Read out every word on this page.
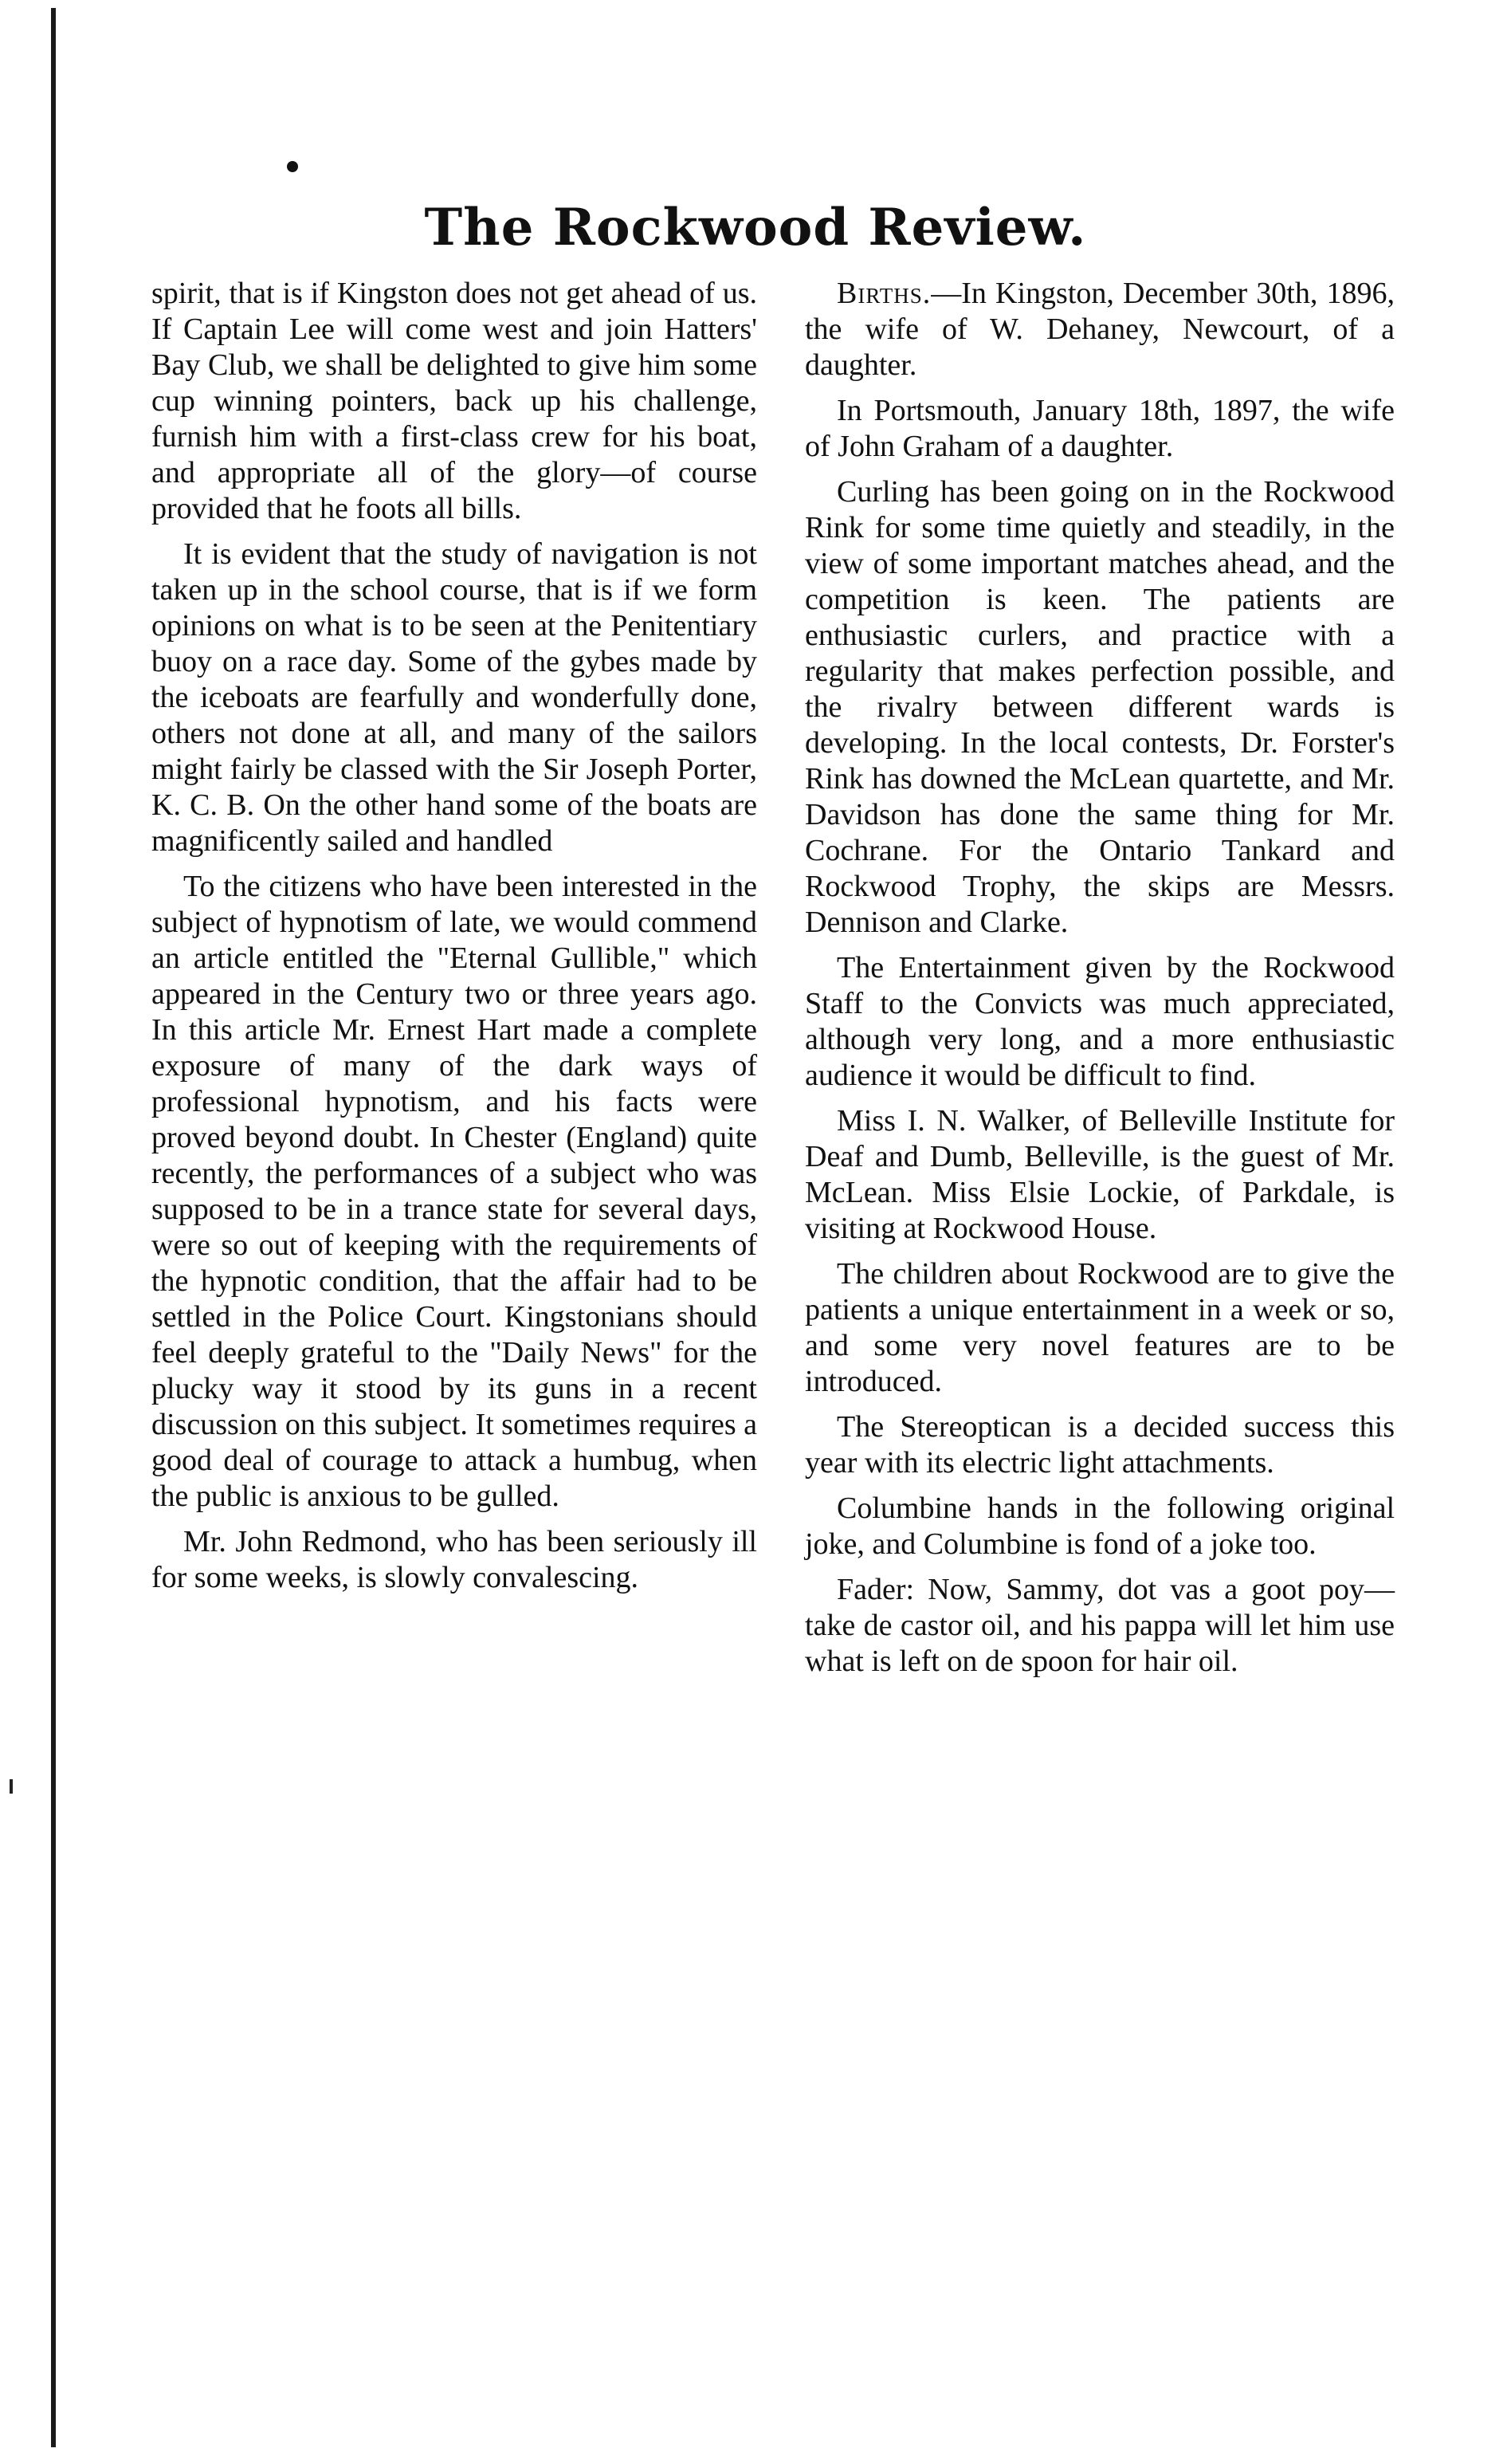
The Rockwood Review.

spirit, that is if Kingston does not get ahead of us. If Captain Lee will come west and join Hatters' Bay Club, we shall be delighted to give him some cup winning pointers, back up his challenge, furnish him with a first-class crew for his boat, and appropriate all of the glory—of course provided that he foots all bills.

It is evident that the study of navigation is not taken up in the school course, that is if we form opinions on what is to be seen at the Penitentiary buoy on a race day. Some of the gybes made by the iceboats are fearfully and wonderfully done, others not done at all, and many of the sailors might fairly be classed with the Sir Joseph Porter, K. C. B. On the other hand some of the boats are magnificently sailed and handled

To the citizens who have been interested in the subject of hypnotism of late, we would commend an article entitled the "Eternal Gullible," which appeared in the Century two or three years ago. In this article Mr. Ernest Hart made a complete exposure of many of the dark ways of professional hypnotism, and his facts were proved beyond doubt. In Chester (England) quite recently, the performances of a subject who was supposed to be in a trance state for several days, were so out of keeping with the requirements of the hypnotic condition, that the affair had to be settled in the Police Court. Kingstonians should feel deeply grateful to the "Daily News" for the plucky way it stood by its guns in a recent discussion on this subject. It sometimes requires a good deal of courage to attack a humbug, when the public is anxious to be gulled.

Mr. John Redmond, who has been seriously ill for some weeks, is slowly convalescing.

Births.—In Kingston, December 30th, 1896, the wife of W. Dehaney, Newcourt, of a daughter.

In Portsmouth, January 18th, 1897, the wife of John Graham of a daughter.

Curling has been going on in the Rockwood Rink for some time quietly and steadily, in the view of some important matches ahead, and the competition is keen. The patients are enthusiastic curlers, and practice with a regularity that makes perfection possible, and the rivalry between different wards is developing. In the local contests, Dr. Forster's Rink has downed the McLean quartette, and Mr. Davidson has done the same thing for Mr. Cochrane. For the Ontario Tankard and Rockwood Trophy, the skips are Messrs. Dennison and Clarke.

The Entertainment given by the Rockwood Staff to the Convicts was much appreciated, although very long, and a more enthusiastic audience it would be difficult to find.

Miss I. N. Walker, of Belleville Institute for Deaf and Dumb, Belleville, is the guest of Mr. McLean. Miss Elsie Lockie, of Parkdale, is visiting at Rockwood House.

The children about Rockwood are to give the patients a unique entertainment in a week or so, and some very novel features are to be introduced.

The Stereoptican is a decided success this year with its electric light attachments.

Columbine hands in the following original joke, and Columbine is fond of a joke too.

Fader: Now, Sammy, dot vas a goot poy—take de castor oil, and his pappa will let him use what is left on de spoon for hair oil.
